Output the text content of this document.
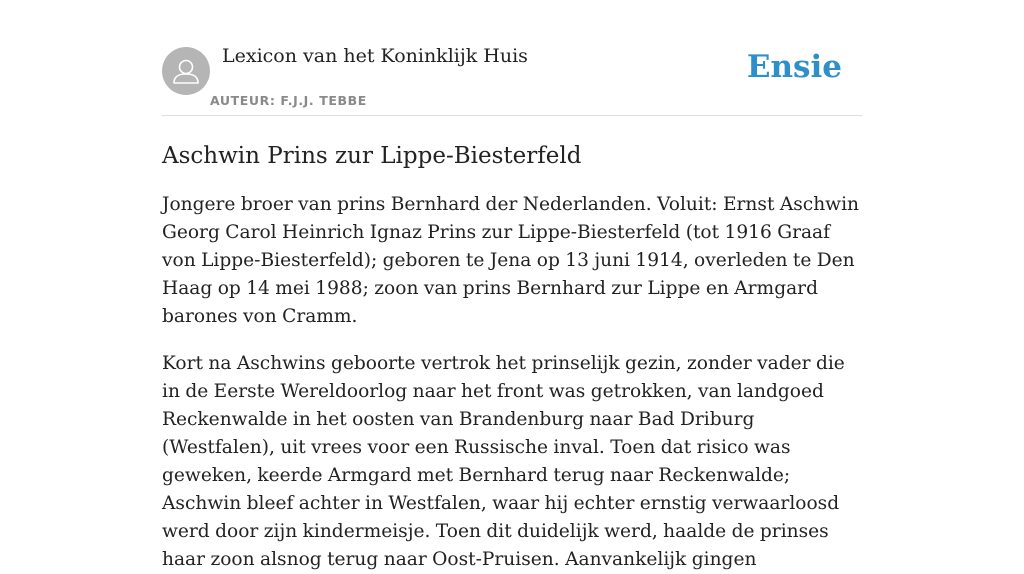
Lexicon van het Koninklijk Huis
AUTEUR: F.J.J. TEBBE
Ensie
Aschwin Prins zur Lippe-Biesterfeld

Jongere broer van prins Bernhard der Nederlanden. Voluit: Ernst Aschwin Georg Carol Heinrich Ignaz Prins zur Lippe-Biesterfeld (tot 1916 Graaf von Lippe-Biesterfeld); geboren te Jena op 13 juni 1914, overleden te Den Haag op 14 mei 1988; zoon van prins Bernhard zur Lippe en Armgard barones von Cramm.

Kort na Aschwins geboorte vertrok het prinselijk gezin, zonder vader die in de Eerste Wereldoorlog naar het front was getrokken, van landgoed Reckenwalde in het oosten van Brandenburg naar Bad Driburg (Westfalen), uit vrees voor een Russische inval. Toen dat risico was geweken, keerde Armgard met Bernhard terug naar Reckenwalde; Aschwin bleef achter in Westfalen, waar hij echter ernstig verwaarloosd werd door zijn kindermeisje. Toen dit duidelijk werd, haalde de prinses haar zoon alsnog terug naar Oost-Pruisen. Aanvankelijk gingen
